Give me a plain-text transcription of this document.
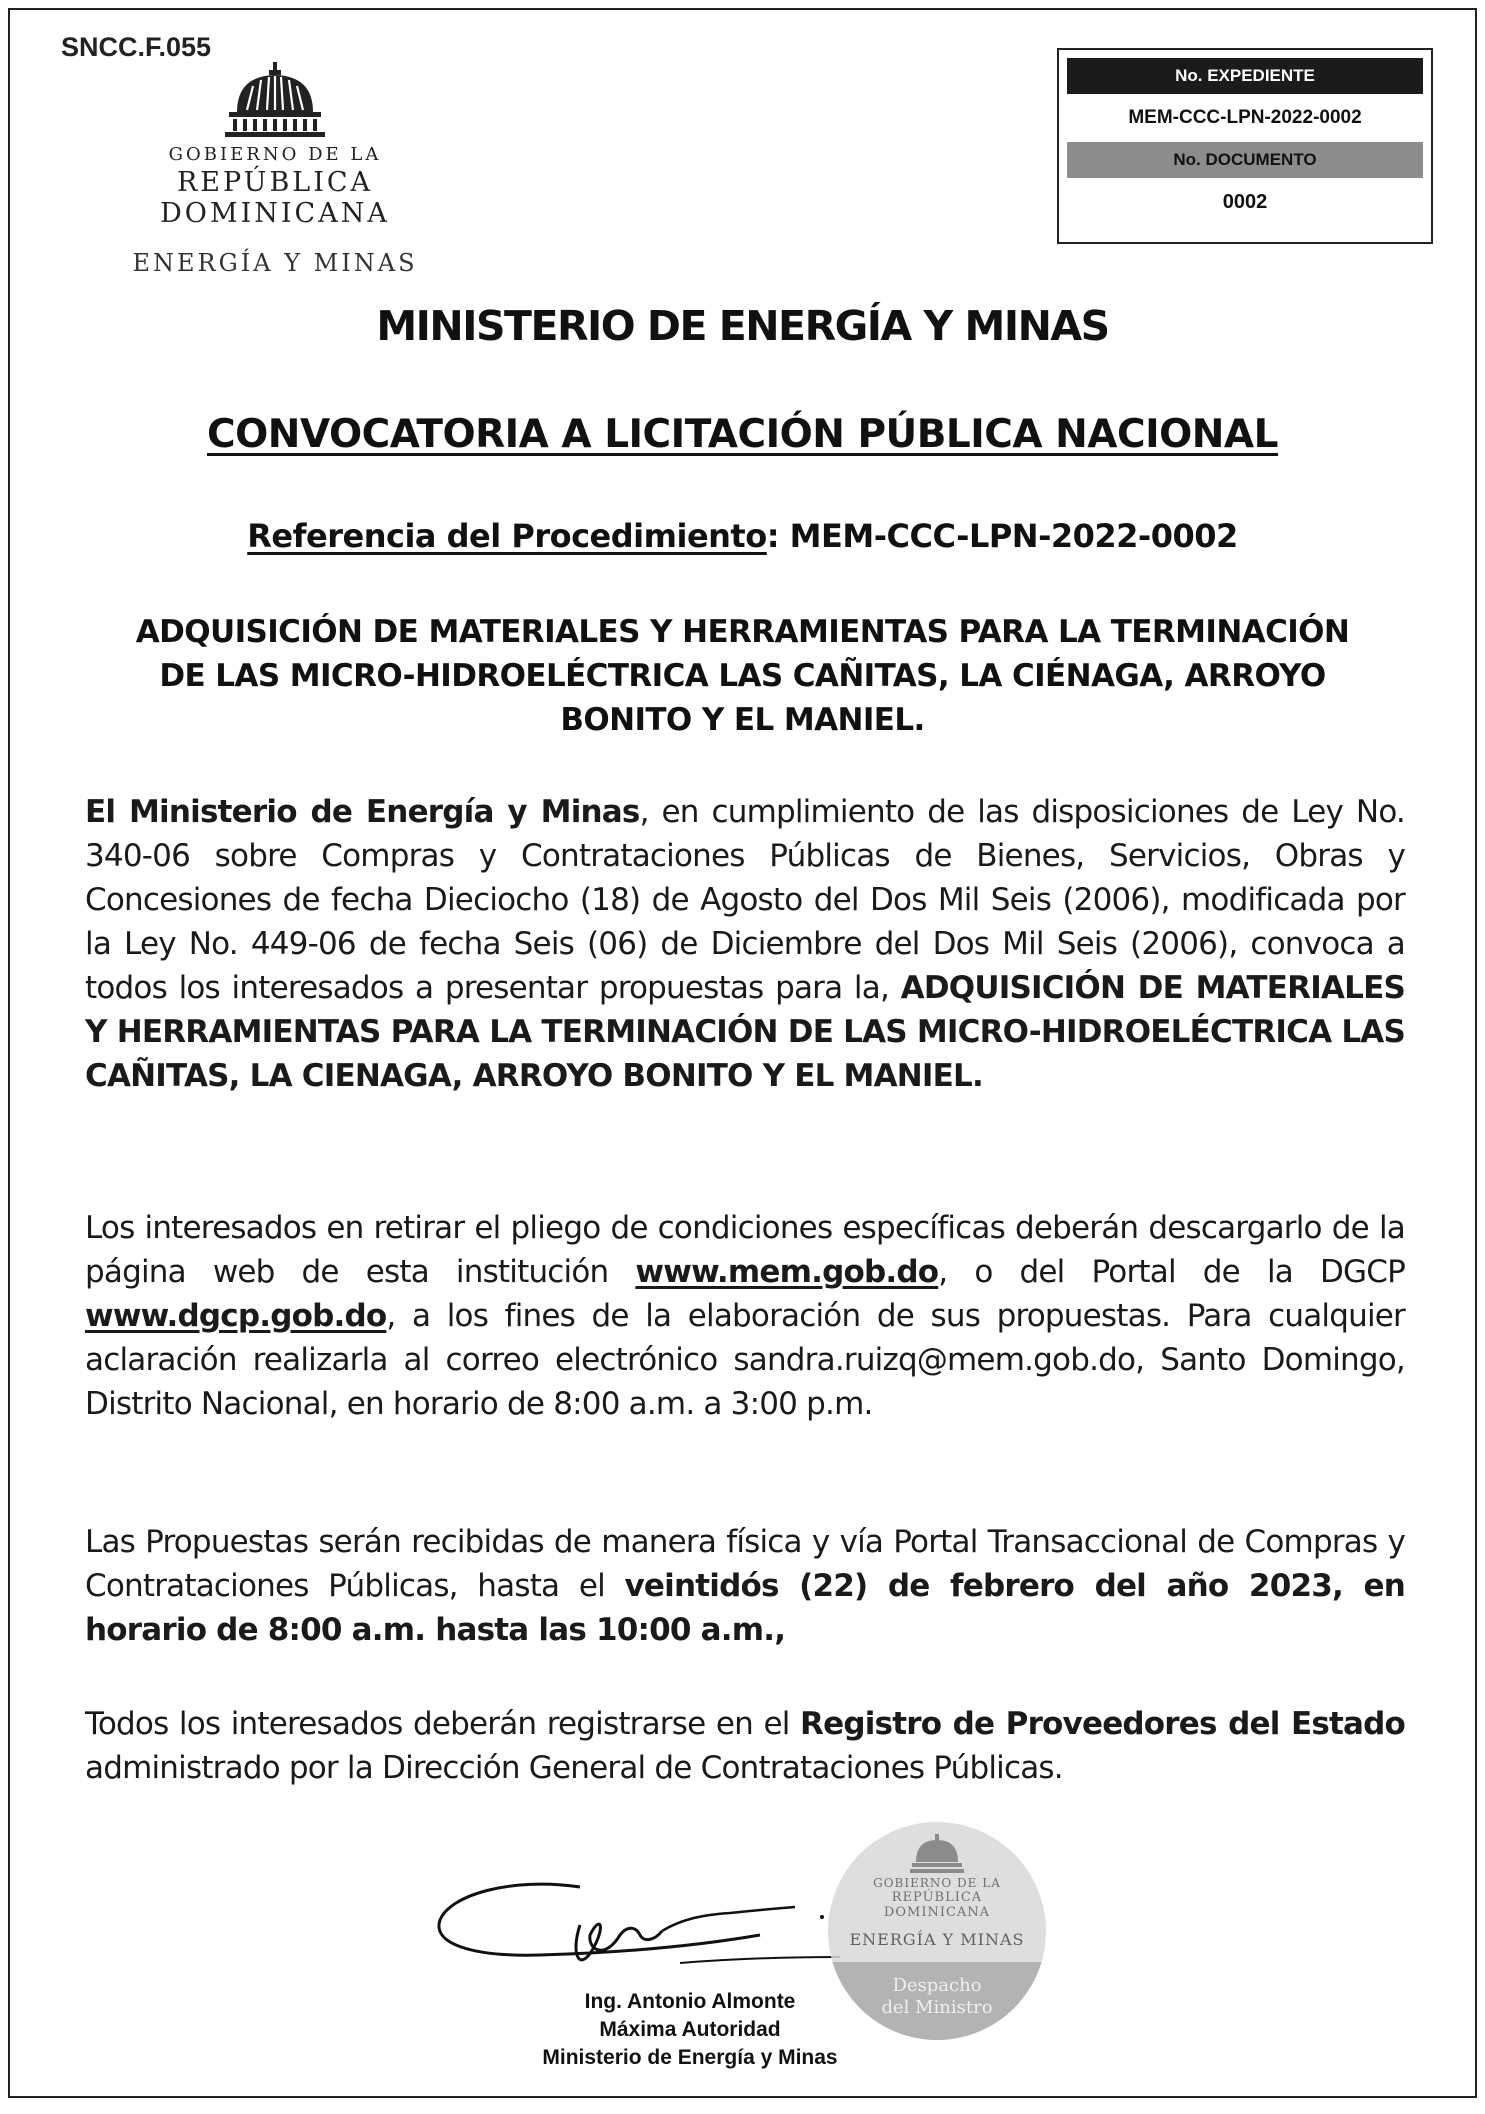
SNCC.F.055
GOBIERNO DE LA
REPÚBLICA DOMINICANA
ENERGÍA Y MINAS
No. EXPEDIENTE
MEM-CCC-LPN-2022-0002
No. DOCUMENTO
0002
MINISTERIO DE ENERGÍA Y MINAS
CONVOCATORIA A LICITACIÓN PÚBLICA NACIONAL
Referencia del Procedimiento: MEM-CCC-LPN-2022-0002
ADQUISICIÓN DE MATERIALES Y HERRAMIENTAS PARA LA TERMINACIÓN DE LAS MICRO-HIDROELÉCTRICA LAS CAÑITAS, LA CIÉNAGA, ARROYO BONITO Y EL MANIEL.
El Ministerio de Energía y Minas, en cumplimiento de las disposiciones de Ley No. 340-06 sobre Compras y Contrataciones Públicas de Bienes, Servicios, Obras y Concesiones de fecha Dieciocho (18) de Agosto del Dos Mil Seis (2006), modificada por la Ley No. 449-06 de fecha Seis (06) de Diciembre del Dos Mil Seis (2006), convoca a todos los interesados a presentar propuestas para la, ADQUISICIÓN DE MATERIALES Y HERRAMIENTAS PARA LA TERMINACIÓN DE LAS MICRO-HIDROELÉCTRICA LAS CAÑITAS, LA CIENAGA, ARROYO BONITO Y EL MANIEL.
Los interesados en retirar el pliego de condiciones específicas deberán descargarlo de la página web de esta institución www.mem.gob.do, o del Portal de la DGCP www.dgcp.gob.do, a los fines de la elaboración de sus propuestas. Para cualquier aclaración realizarla al correo electrónico sandra.ruizq@mem.gob.do, Santo Domingo, Distrito Nacional, en horario de 8:00 a.m. a 3:00 p.m.
Las Propuestas serán recibidas de manera física y vía Portal Transaccional de Compras y Contrataciones Públicas, hasta el veintidós (22) de febrero del año 2023, en horario de 8:00 a.m. hasta las 10:00 a.m.,
Todos los interesados deberán registrarse en el Registro de Proveedores del Estado administrado por la Dirección General de Contrataciones Públicas.
GOBIERNO DE LA
REPÚBLICA
DOMINICANA
ENERGÍA Y MINAS
Despacho
del Ministro
Ing. Antonio Almonte
Máxima Autoridad
Ministerio de Energía y Minas
